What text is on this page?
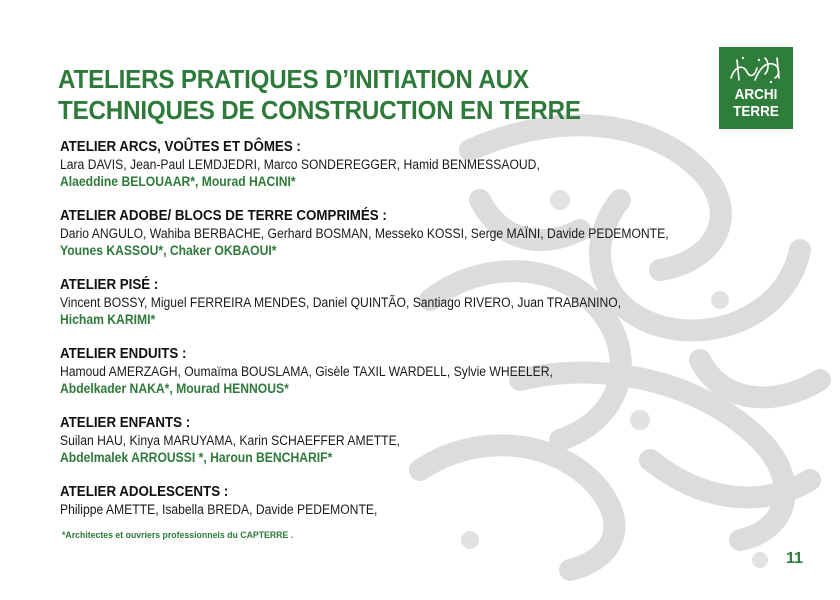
ATELIERS PRATIQUES D’INITIATION AUX
TECHNIQUES DE CONSTRUCTION EN TERRE
ARCHI
TERRE
ATELIER ARCS, VOÛTES ET DÔMES :
Lara DAVIS, Jean-Paul LEMDJEDRI, Marco SONDEREGGER, Hamid BENMESSAOUD,
Alaeddine BELOUAAR*, Mourad HACINI*
ATELIER ADOBE/ BLOCS DE TERRE COMPRIMÉS :
Dario ANGULO, Wahiba BERBACHE, Gerhard BOSMAN, Messeko KOSSI, Serge MAÏNI, Davide PEDEMONTE,
Younes KASSOU*, Chaker OKBAOUI*
ATELIER PISÉ :
Vincent BOSSY, Miguel FERREIRA MENDES, Daniel QUINTÃO, Santiago RIVERO, Juan TRABANINO,
Hicham KARIMI*
ATELIER ENDUITS :
Hamoud AMERZAGH, Oumaïma BOUSLAMA, Gisèle TAXIL WARDELL, Sylvie WHEELER,
Abdelkader NAKA*, Mourad HENNOUS*
ATELIER ENFANTS :
Suilan HAU, Kinya MARUYAMA, Karin SCHAEFFER AMETTE,
Abdelmalek ARROUSSI *, Haroun BENCHARIF*
ATELIER ADOLESCENTS :
Philippe AMETTE, Isabella BREDA, Davide PEDEMONTE,
*Architectes et ouvriers professionnels du CAPTERRE .
11
